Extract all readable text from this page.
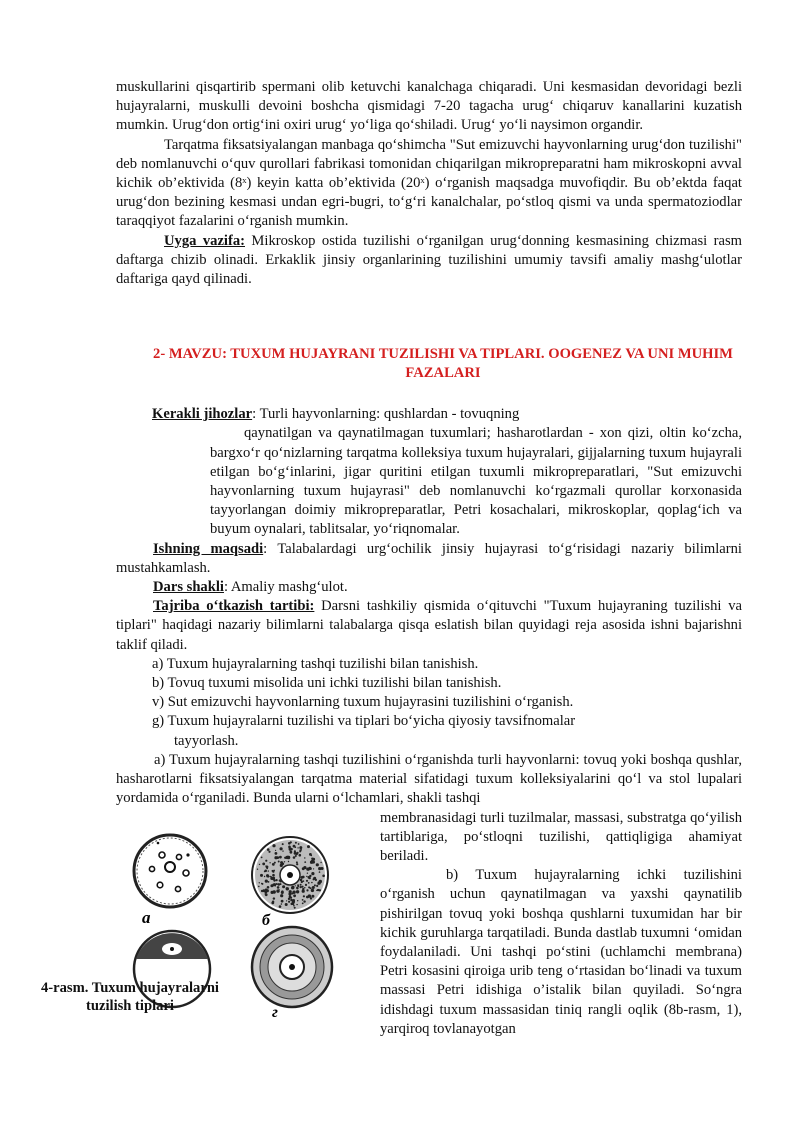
muskullarini qisqartirib spermani olib ketuvchi kanalchaga chiqaradi. Uni kesmasidan devoridagi bezli hujayralarni, muskulli devoini boshcha qismidagi 7-20 tagacha urug‘ chiqaruv kanallarini kuzatish mumkin. Urug‘don ortig‘ini oxiri urug‘ yo‘liga qo‘shiladi. Urug‘ yo‘li naysimon organdir.

Tarqatma fiksatsiyalangan manbaga qo‘shimcha "Sut emizuvchi hayvonlarning urug‘don tuzilishi" deb nomlanuvchi o‘quv qurollari fabrikasi tomonidan chiqarilgan mikropreparatni ham mikroskopni avval kichik ob’ektivida (8ˣ) keyin katta ob’ektivida (20ˣ) o‘rganish maqsadga muvofiqdir. Bu ob’ektda faqat urug‘don bezining kesmasi undan egri-bugri, to‘g‘ri kanalchalar, po‘stloq qismi va unda spermatoziodlar taraqqiyot fazalarini o‘rganish mumkin.

Uyga vazifa: Mikroskop ostida tuzilishi o‘rganilgan urug‘donning kesmasining chizmasi rasm daftarga chizib olinadi. Erkaklik jinsiy organlarining tuzilishini umumiy tavsifi amaliy mashg‘ulotlar daftariga qayd qilinadi.

2- MAVZU: TUXUM HUJAYRANI TUZILISHI VA TIPLARI. OOGENEZ VA UNI MUHIM FAZALARI

Kerakli jihozlar: Turli hayvonlarning: qushlardan - tovuqning

qaynatilgan va qaynatilmagan tuxumlari; hasharotlardan - xon qizi, oltin ko‘zcha, bargxo‘r qo‘nizlarning tarqatma kolleksiya tuxum hujayralari, gijjalarning tuxum hujayrali etilgan bo‘g‘inlarini, jigar quritini etilgan tuxumli mikropreparatlari, "Sut emizuvchi hayvonlarning tuxum hujayrasi" deb nomlanuvchi ko‘rgazmali qurollar korxonasida tayyorlangan doimiy mikropreparatlar, Petri kosachalari, mikroskoplar, qoplag‘ich va buyum oynalari, tablitsalar, yo‘riqnomalar.

Ishning maqsadi: Talabalardagi urg‘ochilik jinsiy hujayrasi to‘g‘risidagi nazariy bilimlarni mustahkamlash.

Dars shakli: Amaliy mashg‘ulot.

Tajriba o‘tkazish tartibi: Darsni tashkiliy qismida o‘qituvchi "Tuxum hujayraning tuzilishi va tiplari" haqidagi nazariy bilimlarni talabalarga qisqa eslatish bilan quyidagi reja asosida ishni bajarishni taklif qiladi.

a) Tuxum hujayralarning tashqi tuzilishi bilan tanishish.

b) Tovuq tuxumi misolida uni ichki tuzilishi bilan tanishish.

v) Sut emizuvchi hayvonlarning tuxum hujayrasini tuzilishini o‘rganish.

g) Tuxum hujayralarni tuzilishi va tiplari bo‘yicha qiyosiy tavsifnomalar

tayyorlash.

a) Tuxum hujayralarning tashqi tuzilishini o‘rganishda turli hayvonlarni: tovuq yoki boshqa qushlar, hasharotlarni fiksatsiyalangan tarqatma material sifatidagi tuxum kolleksiyalarini qo‘l va stol lupalari yordamida o‘rganiladi. Bunda ularni o‘lchamlari, shakli tashqi

а	б
г
4-rasm. Tuxum hujayralarni tuzilish tiplari

membranasidagi turli tuzilmalar, massasi, substratga qo‘yilish tartiblariga, po‘stloqni tuzilishi, qattiqligiga ahamiyat beriladi.

b) Tuxum hujayralarning ichki tuzilishini o‘rganish uchun qaynatilmagan va yaxshi qaynatilib pishirilgan tovuq yoki boshqa qushlarni tuxumidan har bir kichik guruhlarga tarqatiladi. Bunda dastlab tuxumni ‘omidan foydalaniladi. Uni tashqi po‘stini (uchlamchi membrana) Petri kosasini qiroiga urib teng o‘rtasidan bo‘linadi va tuxum massasi Petri idishiga o’istalik bilan quyiladi. So‘ngra idishdagi tuxum massasidan tiniq rangli oqlik (8b-rasm, 1), yarqiroq tovlanayotgan
